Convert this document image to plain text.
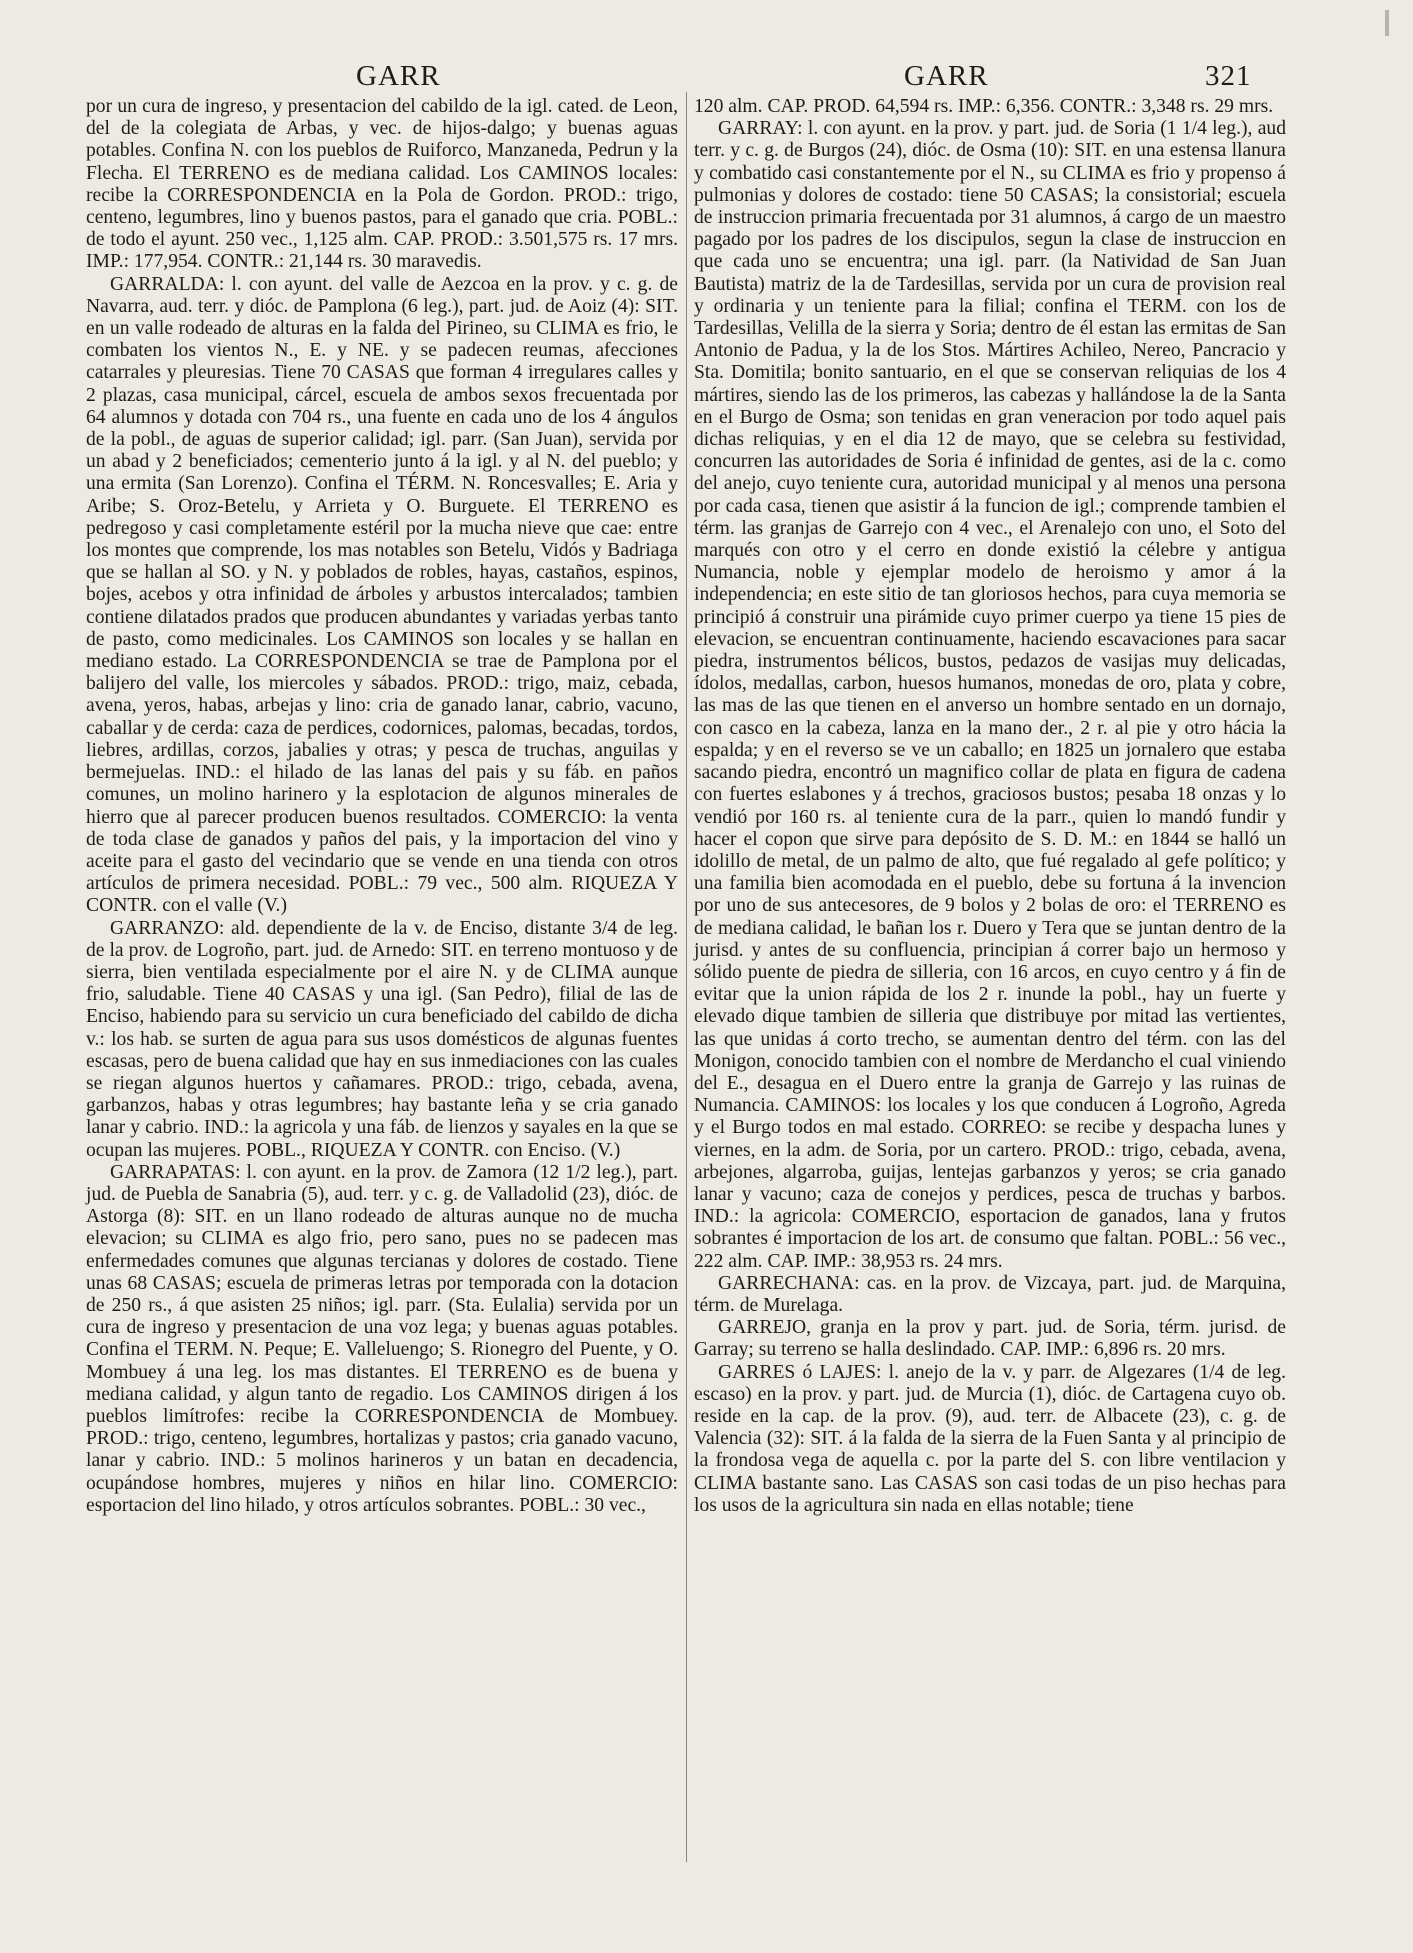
GARR	GARR	321

por un cura de ingreso, y presentacion del cabildo de la igl. cated. de Leon, del de la colegiata de Arbas, y vec. de hijos-dalgo; y buenas aguas potables. Confina N. con los pueblos de Ruiforco, Manzaneda, Pedrun y la Flecha. El TERRENO es de mediana calidad. Los CAMINOS locales: recibe la CORRESPONDENCIA en la Pola de Gordon. PROD.: trigo, centeno, legumbres, lino y buenos pastos, para el ganado que cria. POBL.: de todo el ayunt. 250 vec., 1,125 alm. CAP. PROD.: 3.501,575 rs. 17 mrs. IMP.: 177,954. CONTR.: 21,144 rs. 30 maravedis.

GARRALDA: l. con ayunt. del valle de Aezcoa en la prov. y c. g. de Navarra, aud. terr. y dióc. de Pamplona (6 leg.), part. jud. de Aoiz (4): SIT. en un valle rodeado de alturas en la falda del Pirineo, su CLIMA es frio, le combaten los vientos N., E. y NE. y se padecen reumas, afecciones catarrales y pleuresias. Tiene 70 CASAS que forman 4 irregulares calles y 2 plazas, casa municipal, cárcel, escuela de ambos sexos frecuentada por 64 alumnos y dotada con 704 rs., una fuente en cada uno de los 4 ángulos de la pobl., de aguas de superior calidad; igl. parr. (San Juan), servida por un abad y 2 beneficiados; cementerio junto á la igl. y al N. del pueblo; y una ermita (San Lorenzo). Confina el TÉRM. N. Roncesvalles; E. Aria y Aribe; S. Oroz-Betelu, y Arrieta y O. Burguete. El TERRENO es pedregoso y casi completamente estéril por la mucha nieve que cae: entre los montes que comprende, los mas notables son Betelu, Vidós y Badriaga que se hallan al SO. y N. y poblados de robles, hayas, castaños, espinos, bojes, acebos y otra infinidad de árboles y arbustos intercalados; tambien contiene dilatados prados que producen abundantes y variadas yerbas tanto de pasto, como medicinales. Los CAMINOS son locales y se hallan en mediano estado. La CORRESPONDENCIA se trae de Pamplona por el balijero del valle, los miercoles y sábados. PROD.: trigo, maiz, cebada, avena, yeros, habas, arbejas y lino: cria de ganado lanar, cabrio, vacuno, caballar y de cerda: caza de perdices, codornices, palomas, becadas, tordos, liebres, ardillas, corzos, jabalies y otras; y pesca de truchas, anguilas y bermejuelas. IND.: el hilado de las lanas del pais y su fáb. en paños comunes, un molino harinero y la esplotacion de algunos minerales de hierro que al parecer producen buenos resultados. COMERCIO: la venta de toda clase de ganados y paños del pais, y la importacion del vino y aceite para el gasto del vecindario que se vende en una tienda con otros artículos de primera necesidad. POBL.: 79 vec., 500 alm. RIQUEZA Y CONTR. con el valle (V.)

GARRANZO: ald. dependiente de la v. de Enciso, distante 3/4 de leg. de la prov. de Logroño, part. jud. de Arnedo: SIT. en terreno montuoso y de sierra, bien ventilada especialmente por el aire N. y de CLIMA aunque frio, saludable. Tiene 40 CASAS y una igl. (San Pedro), filial de las de Enciso, habiendo para su servicio un cura beneficiado del cabildo de dicha v.: los hab. se surten de agua para sus usos domésticos de algunas fuentes escasas, pero de buena calidad que hay en sus inmediaciones con las cuales se riegan algunos huertos y cañamares. PROD.: trigo, cebada, avena, garbanzos, habas y otras legumbres; hay bastante leña y se cria ganado lanar y cabrio. IND.: la agricola y una fáb. de lienzos y sayales en la que se ocupan las mujeres. POBL., RIQUEZA Y CONTR. con Enciso. (V.)

GARRAPATAS: l. con ayunt. en la prov. de Zamora (12 1/2 leg.), part. jud. de Puebla de Sanabria (5), aud. terr. y c. g. de Valladolid (23), dióc. de Astorga (8): SIT. en un llano rodeado de alturas aunque no de mucha elevacion; su CLIMA es algo frio, pero sano, pues no se padecen mas enfermedades comunes que algunas tercianas y dolores de costado. Tiene unas 68 CASAS; escuela de primeras letras por temporada con la dotacion de 250 rs., á que asisten 25 niños; igl. parr. (Sta. Eulalia) servida por un cura de ingreso y presentacion de una voz lega; y buenas aguas potables. Confina el TERM. N. Peque; E. Valleluengo; S. Rionegro del Puente, y O. Mombuey á una leg. los mas distantes. El TERRENO es de buena y mediana calidad, y algun tanto de regadio. Los CAMINOS dirigen á los pueblos limítrofes: recibe la CORRESPONDENCIA de Mombuey. PROD.: trigo, centeno, legumbres, hortalizas y pastos; cria ganado vacuno, lanar y cabrio. IND.: 5 molinos harineros y un batan en decadencia, ocupándose hombres, mujeres y niños en hilar lino. COMERCIO: esportacion del lino hilado, y otros artículos sobrantes. POBL.: 30 vec.,

120 alm. CAP. PROD. 64,594 rs. IMP.: 6,356. CONTR.: 3,348 rs. 29 mrs.

GARRAY: l. con ayunt. en la prov. y part. jud. de Soria (1 1/4 leg.), aud terr. y c. g. de Burgos (24), dióc. de Osma (10): SIT. en una estensa llanura y combatido casi constantemente por el N., su CLIMA es frio y propenso á pulmonias y dolores de costado: tiene 50 CASAS; la consistorial; escuela de instruccion primaria frecuentada por 31 alumnos, á cargo de un maestro pagado por los padres de los discipulos, segun la clase de instruccion en que cada uno se encuentra; una igl. parr. (la Natividad de San Juan Bautista) matriz de la de Tardesillas, servida por un cura de provision real y ordinaria y un teniente para la filial; confina el TERM. con los de Tardesillas, Velilla de la sierra y Soria; dentro de él estan las ermitas de San Antonio de Padua, y la de los Stos. Mártires Achileo, Nereo, Pancracio y Sta. Domitila; bonito santuario, en el que se conservan reliquias de los 4 mártires, siendo las de los primeros, las cabezas y hallándose la de la Santa en el Burgo de Osma; son tenidas en gran veneracion por todo aquel pais dichas reliquias, y en el dia 12 de mayo, que se celebra su festividad, concurren las autoridades de Soria é infinidad de gentes, asi de la c. como del anejo, cuyo teniente cura, autoridad municipal y al menos una persona por cada casa, tienen que asistir á la funcion de igl.; comprende tambien el térm. las granjas de Garrejo con 4 vec., el Arenalejo con uno, el Soto del marqués con otro y el cerro en donde existió la célebre y antigua Numancia, noble y ejemplar modelo de heroismo y amor á la independencia; en este sitio de tan gloriosos hechos, para cuya memoria se principió á construir una pirámide cuyo primer cuerpo ya tiene 15 pies de elevacion, se encuentran continuamente, haciendo escavaciones para sacar piedra, instrumentos bélicos, bustos, pedazos de vasijas muy delicadas, ídolos, medallas, carbon, huesos humanos, monedas de oro, plata y cobre, las mas de las que tienen en el anverso un hombre sentado en un dornajo, con casco en la cabeza, lanza en la mano der., 2 r. al pie y otro hácia la espalda; y en el reverso se ve un caballo; en 1825 un jornalero que estaba sacando piedra, encontró un magnifico collar de plata en figura de cadena con fuertes eslabones y á trechos, graciosos bustos; pesaba 18 onzas y lo vendió por 160 rs. al teniente cura de la parr., quien lo mandó fundir y hacer el copon que sirve para depósito de S. D. M.: en 1844 se halló un idolillo de metal, de un palmo de alto, que fué regalado al gefe político; y una familia bien acomodada en el pueblo, debe su fortuna á la invencion por uno de sus antecesores, de 9 bolos y 2 bolas de oro: el TERRENO es de mediana calidad, le bañan los r. Duero y Tera que se juntan dentro de la jurisd. y antes de su confluencia, principian á correr bajo un hermoso y sólido puente de piedra de silleria, con 16 arcos, en cuyo centro y á fin de evitar que la union rápida de los 2 r. inunde la pobl., hay un fuerte y elevado dique tambien de silleria que distribuye por mitad las vertientes, las que unidas á corto trecho, se aumentan dentro del térm. con las del Monigon, conocido tambien con el nombre de Merdancho el cual viniendo del E., desagua en el Duero entre la granja de Garrejo y las ruinas de Numancia. CAMINOS: los locales y los que conducen á Logroño, Agreda y el Burgo todos en mal estado. CORREO: se recibe y despacha lunes y viernes, en la adm. de Soria, por un cartero. PROD.: trigo, cebada, avena, arbejones, algarroba, guijas, lentejas garbanzos y yeros; se cria ganado lanar y vacuno; caza de conejos y perdices, pesca de truchas y barbos. IND.: la agricola: COMERCIO, esportacion de ganados, lana y frutos sobrantes é importacion de los art. de consumo que faltan. POBL.: 56 vec., 222 alm. CAP. IMP.: 38,953 rs. 24 mrs.

GARRECHANA: cas. en la prov. de Vizcaya, part. jud. de Marquina, térm. de Murelaga.

GARREJO, granja en la prov y part. jud. de Soria, térm. jurisd. de Garray; su terreno se halla deslindado. CAP. IMP.: 6,896 rs. 20 mrs.

GARRES ó LAJES: l. anejo de la v. y parr. de Algezares (1/4 de leg. escaso) en la prov. y part. jud. de Murcia (1), dióc. de Cartagena cuyo ob. reside en la cap. de la prov. (9), aud. terr. de Albacete (23), c. g. de Valencia (32): SIT. á la falda de la sierra de la Fuen Santa y al principio de la frondosa vega de aquella c. por la parte del S. con libre ventilacion y CLIMA bastante sano. Las CASAS son casi todas de un piso hechas para los usos de la agricultura sin nada en ellas notable; tiene
